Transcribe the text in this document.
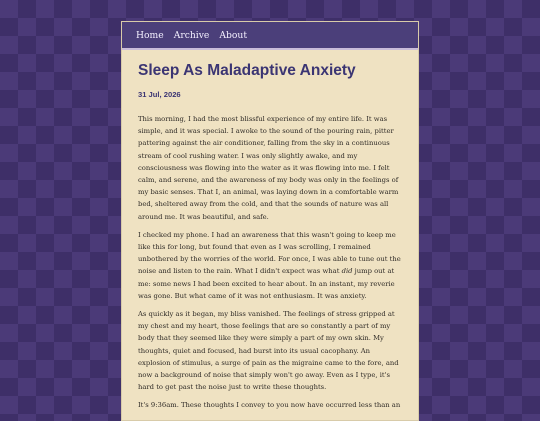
Home Archive About
Sleep As Maladaptive Anxiety
31 Jul, 2026

This morning, I had the most blissful experience of my entire life. It was simple, and it was special. I awoke to the sound of the pouring rain, pitter pattering against the air conditioner, falling from the sky in a continuous stream of cool rushing water. I was only slightly awake, and my consciousness was flowing into the water as it was flowing into me. I felt calm, and serene, and the awareness of my body was only in the feelings of my basic senses. That I, an animal, was laying down in a comfortable warm bed, sheltered away from the cold, and that the sounds of nature was all around me. It was beautiful, and safe.

I checked my phone. I had an awareness that this wasn't going to keep me like this for long, but found that even as I was scrolling, I remained unbothered by the worries of the world. For once, I was able to tune out the noise and listen to the rain. What I didn't expect was what did jump out at me: some news I had been excited to hear about. In an instant, my reverie was gone. But what came of it was not enthusiasm. It was anxiety.

As quickly as it began, my bliss vanished. The feelings of stress gripped at my chest and my heart, those feelings that are so constantly a part of my body that they seemed like they were simply a part of my own skin. My thoughts, quiet and focused, had burst into its usual cacophany. An explosion of stimulus, a surge of pain as the migraine came to the fore, and now a background of noise that simply won't go away. Even as I type, it's hard to get past the noise just to write these thoughts.

It's 9:36am. These thoughts I convey to you now have occurred less than an
